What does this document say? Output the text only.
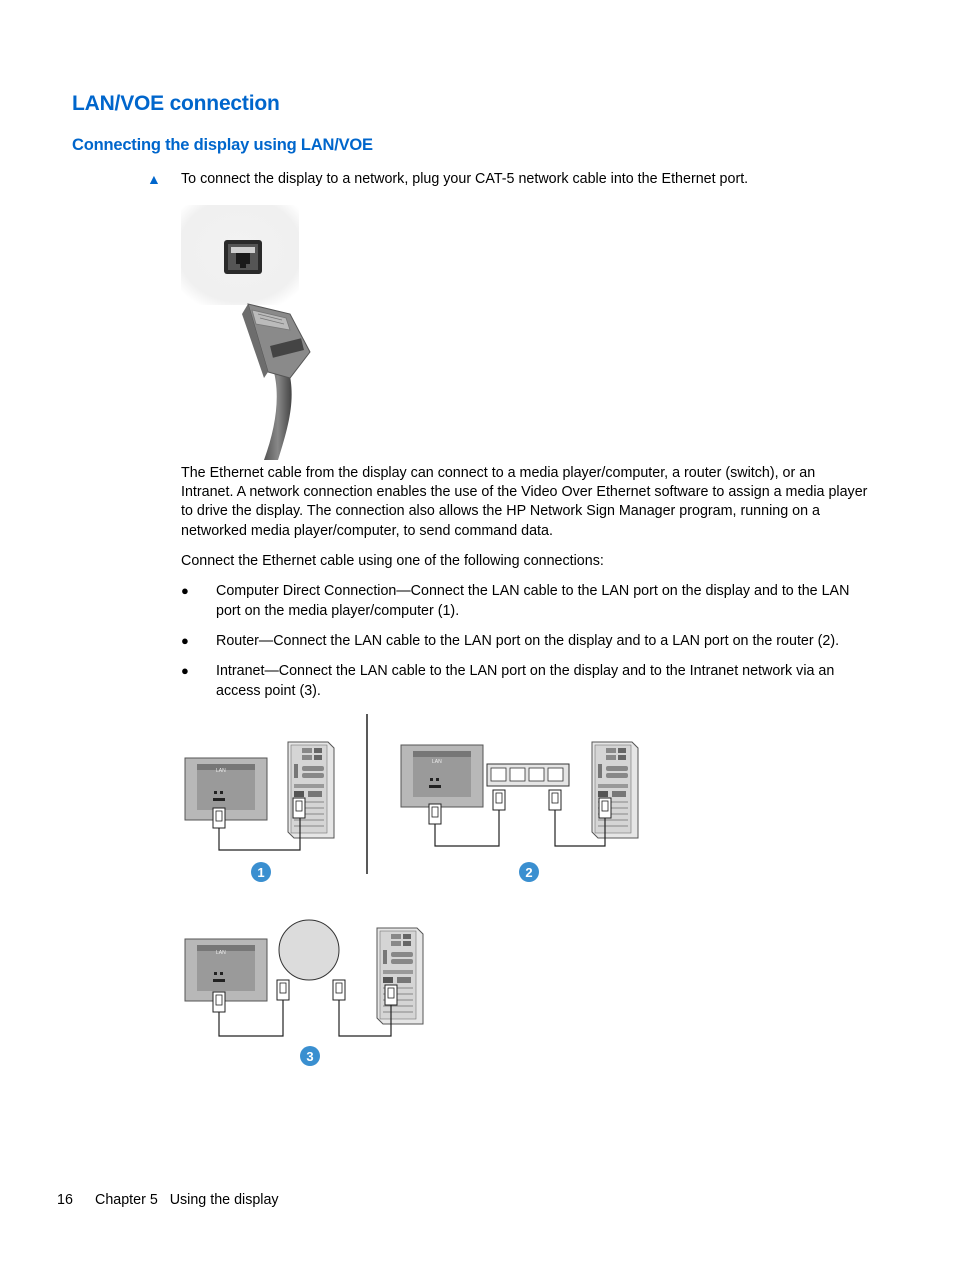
LAN/VOE connection
Connecting the display using LAN/VOE
▲ To connect the display to a network, plug your CAT-5 network cable into the Ethernet port.
The Ethernet cable from the display can connect to a media player/computer, a router (switch), or an Intranet. A network connection enables the use of the Video Over Ethernet software to assign a media player to drive the display. The connection also allows the HP Network Sign Manager program, running on a networked media player/computer, to send command data.
Connect the Ethernet cable using one of the following connections:
● Computer Direct Connection—Connect the LAN cable to the LAN port on the display and to the LAN port on the media player/computer (1).
● Router—Connect the LAN cable to the LAN port on the display and to a LAN port on the router (2).
● Intranet—Connect the LAN cable to the LAN port on the display and to the Intranet network via an access point (3).
LAN
1
LAN
2
LAN
3
16 Chapter 5   Using the display
